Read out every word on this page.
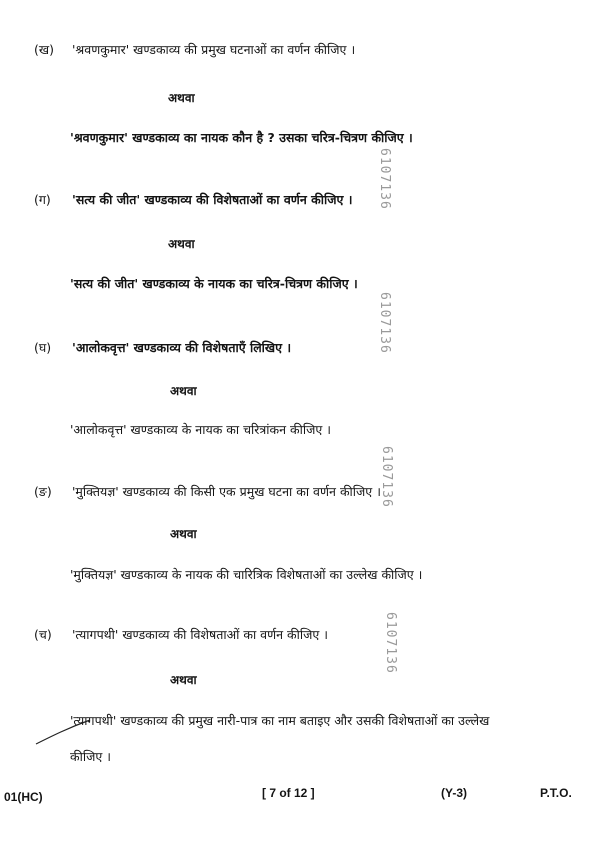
(ख) 'श्रवणकुमार' खण्डकाव्य की प्रमुख घटनाओं का वर्णन कीजिए ।
अथवा
'श्रवणकुमार' खण्डकाव्य का नायक कौन है ? उसका चरित्र-चित्रण कीजिए ।
(ग) 'सत्य की जीत' खण्डकाव्य की विशेषताओं का वर्णन कीजिए ।
अथवा
'सत्य की जीत' खण्डकाव्य के नायक का चरित्र-चित्रण कीजिए ।
(घ) 'आलोकवृत्त' खण्डकाव्य की विशेषताएँ लिखिए ।
अथवा
'आलोकवृत्त' खण्डकाव्य के नायक का चरित्रांकन कीजिए ।
(ङ) 'मुक्तियज्ञ' खण्डकाव्य की किसी एक प्रमुख घटना का वर्णन कीजिए ।
अथवा
'मुक्तियज्ञ' खण्डकाव्य के नायक की चारित्रिक विशेषताओं का उल्लेख कीजिए ।
(च) 'त्यागपथी' खण्डकाव्य की विशेषताओं का वर्णन कीजिए ।
अथवा
'त्यागपथी' खण्डकाव्य की प्रमुख नारी-पात्र का नाम बताइए और उसकी विशेषताओं का उल्लेख
कीजिए ।
6107136
6107136
6107136
6107136
01(HC)	[ 7 of 12 ]	(Y-3)	P.T.O.
